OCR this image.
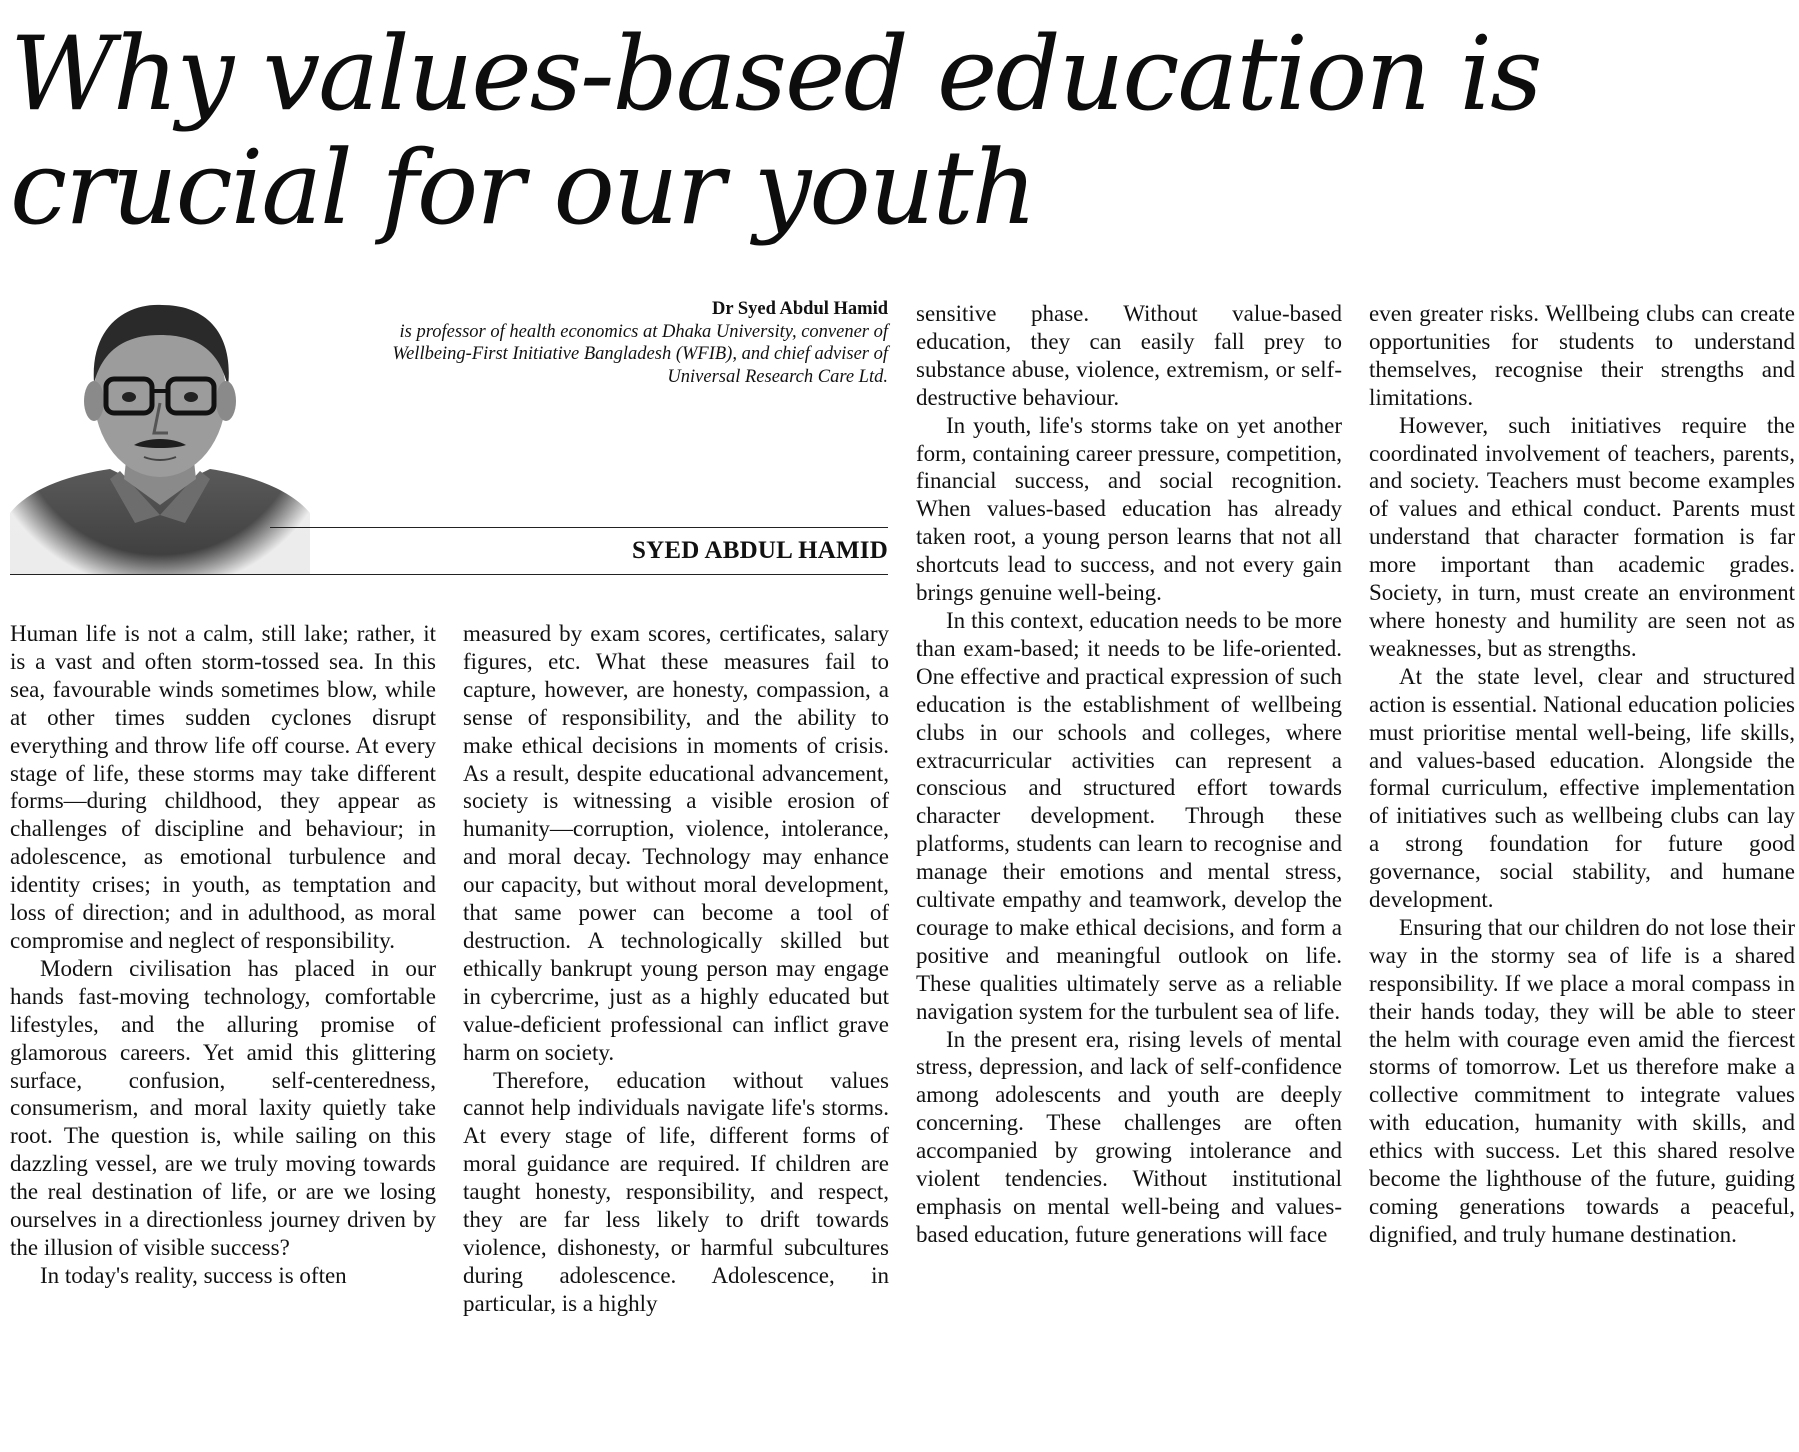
Why values-based education is crucial for our youth
Dr Syed Abdul Hamid
is professor of health economics at Dhaka University, convener of Wellbeing-First Initiative Bangladesh (WFIB), and chief adviser of Universal Research Care Ltd.
SYED ABDUL HAMID

Human life is not a calm, still lake; rather, it is a vast and often storm-tossed sea. In this sea, favourable winds sometimes blow, while at other times sudden cyclones disrupt everything and throw life off course. At every stage of life, these storms may take different forms—during childhood, they appear as challenges of discipline and behaviour; in adolescence, as emotional turbulence and identity crises; in youth, as temptation and loss of direction; and in adulthood, as moral compromise and neglect of responsibility.

Modern civilisation has placed in our hands fast-moving technology, comfortable lifestyles, and the alluring promise of glamorous careers. Yet amid this glittering surface, confusion, self-centeredness, consumerism, and moral laxity quietly take root. The question is, while sailing on this dazzling vessel, are we truly moving towards the real destination of life, or are we losing ourselves in a directionless journey driven by the illusion of visible success?

In today's reality, success is often

measured by exam scores, certificates, salary figures, etc. What these measures fail to capture, however, are honesty, compassion, a sense of responsibility, and the ability to make ethical decisions in moments of crisis. As a result, despite educational advancement, society is witnessing a visible erosion of humanity—corruption, violence, intolerance, and moral decay. Technology may enhance our capacity, but without moral development, that same power can become a tool of destruction. A technologically skilled but ethically bankrupt young person may engage in cybercrime, just as a highly educated but value-deficient professional can inflict grave harm on society.

Therefore, education without values cannot help individuals navigate life's storms. At every stage of life, different forms of moral guidance are required. If children are taught honesty, responsibility, and respect, they are far less likely to drift towards violence, dishonesty, or harmful subcultures during adolescence. Adolescence, in particular, is a highly

sensitive phase. Without value-based education, they can easily fall prey to substance abuse, violence, extremism, or self-destructive behaviour.

In youth, life's storms take on yet another form, containing career pressure, competition, financial success, and social recognition. When values-based education has already taken root, a young person learns that not all shortcuts lead to success, and not every gain brings genuine well-being.

In this context, education needs to be more than exam-based; it needs to be life-oriented. One effective and practical expression of such education is the establishment of wellbeing clubs in our schools and colleges, where extracurricular activities can represent a conscious and structured effort towards character development. Through these platforms, students can learn to recognise and manage their emotions and mental stress, cultivate empathy and teamwork, develop the courage to make ethical decisions, and form a positive and meaningful outlook on life. These qualities ultimately serve as a reliable navigation system for the turbulent sea of life.

In the present era, rising levels of mental stress, depression, and lack of self-confidence among adolescents and youth are deeply concerning. These challenges are often accompanied by growing intolerance and violent tendencies. Without institutional emphasis on mental well-being and values-based education, future generations will face

even greater risks. Wellbeing clubs can create opportunities for students to understand themselves, recognise their strengths and limitations.

However, such initiatives require the coordinated involvement of teachers, parents, and society. Teachers must become examples of values and ethical conduct. Parents must understand that character formation is far more important than academic grades. Society, in turn, must create an environment where honesty and humility are seen not as weaknesses, but as strengths.

At the state level, clear and structured action is essential. National education policies must prioritise mental well-being, life skills, and values-based education. Alongside the formal curriculum, effective implementation of initiatives such as wellbeing clubs can lay a strong foundation for future good governance, social stability, and humane development.

Ensuring that our children do not lose their way in the stormy sea of life is a shared responsibility. If we place a moral compass in their hands today, they will be able to steer the helm with courage even amid the fiercest storms of tomorrow. Let us therefore make a collective commitment to integrate values with education, humanity with skills, and ethics with success. Let this shared resolve become the lighthouse of the future, guiding coming generations towards a peaceful, dignified, and truly humane destination.
